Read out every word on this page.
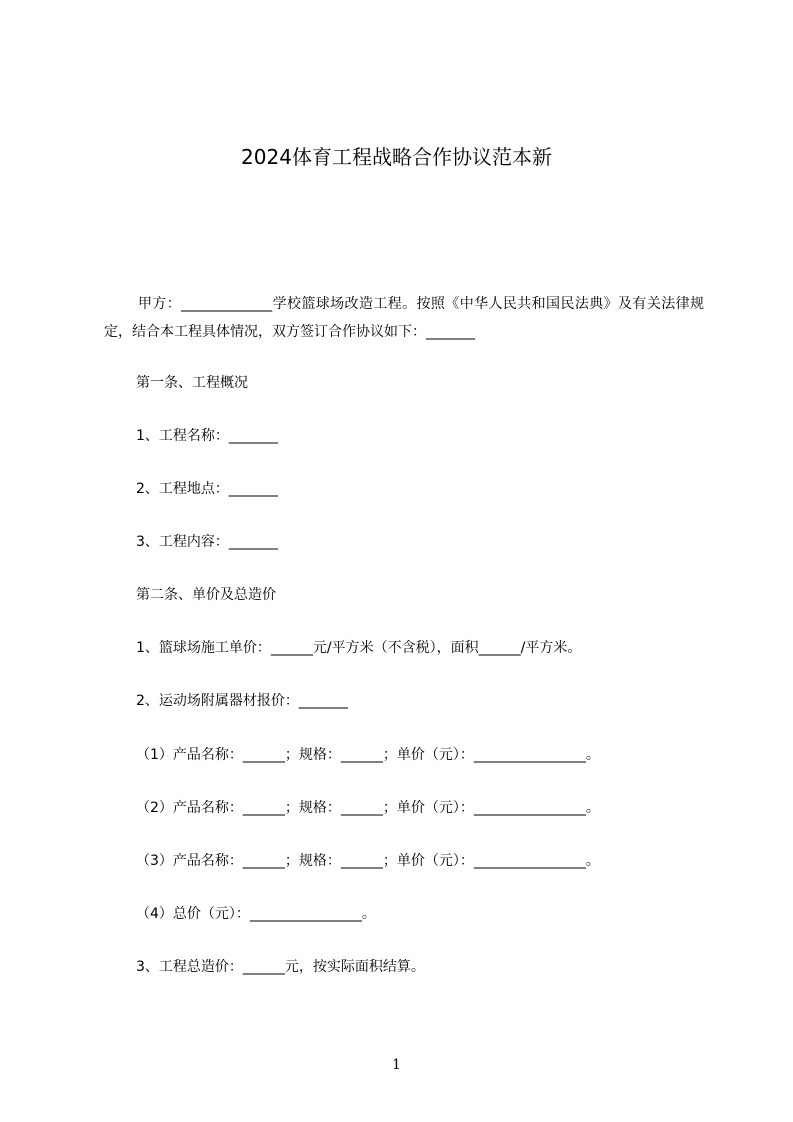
2024体育工程战略合作协议范本新
甲方：_____________学校篮球场改造工程。按照《中华人民共和国民法典》及有关法律规定，结合本工程具体情况，双方签订合作协议如下：_______
第一条、工程概况
1、工程名称：_______
2、工程地点：_______
3、工程内容：_______
第二条、单价及总造价
1、篮球场施工单价：______元/平方米（不含税），面积______/平方米。
2、运动场附属器材报价：_______
（1）产品名称：______；规格：______；单价（元）：________________。
（2）产品名称：______；规格：______；单价（元）：________________。
（3）产品名称：______；规格：______；单价（元）：________________。
（4）总价（元）：________________。
3、工程总造价：______元，按实际面积结算。
1
